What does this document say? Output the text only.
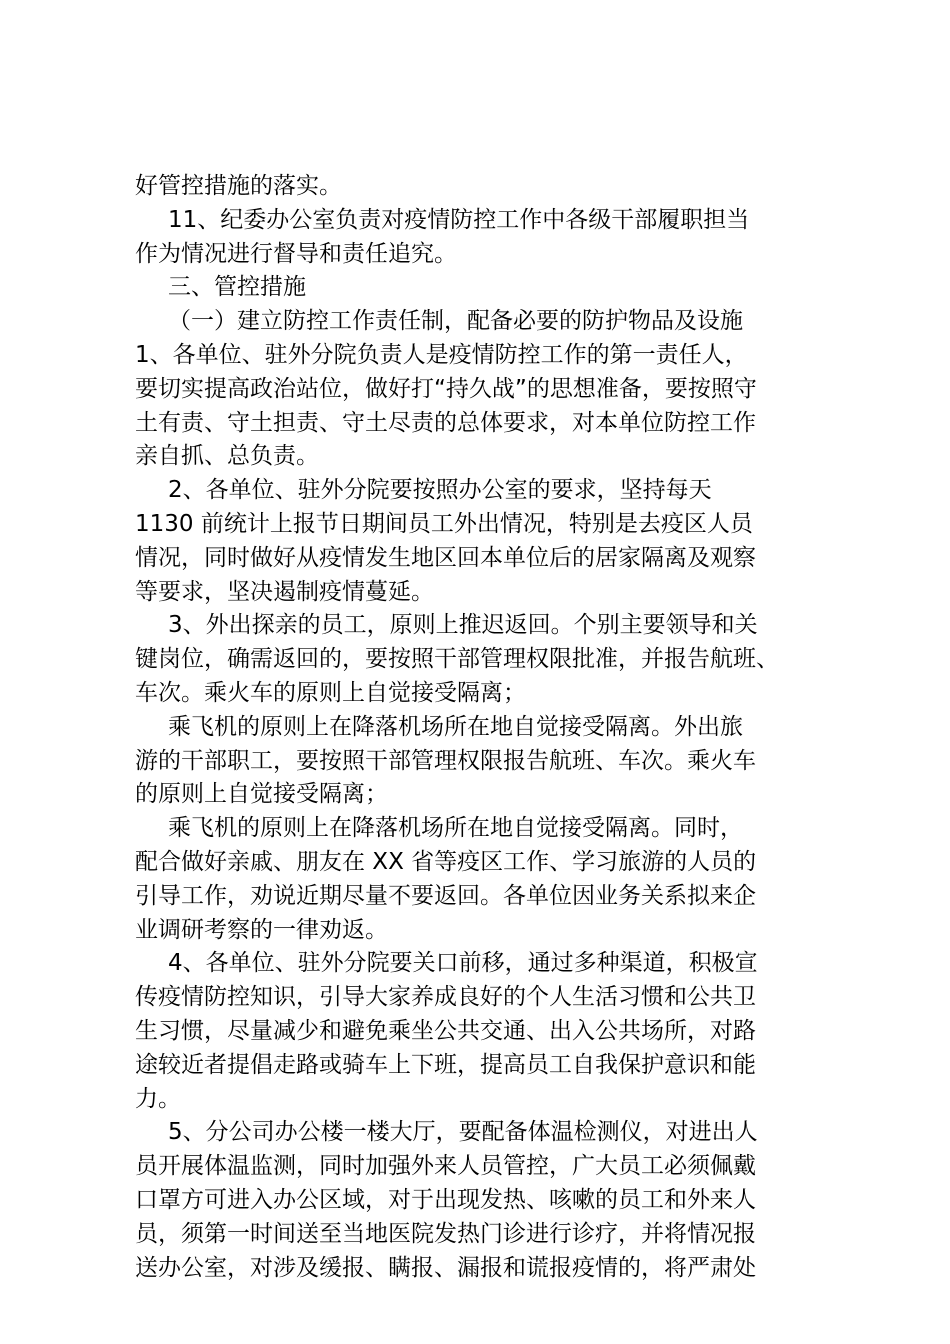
好管控措施的落实。
11、纪委办公室负责对疫情防控工作中各级干部履职担当
作为情况进行督导和责任追究。
三、管控措施
（一）建立防控工作责任制，配备必要的防护物品及设施
1、各单位、驻外分院负责人是疫情防控工作的第一责任人，
要切实提高政治站位，做好打“持久战”的思想准备，要按照守
土有责、守土担责、守土尽责的总体要求，对本单位防控工作
亲自抓、总负责。
2、各单位、驻外分院要按照办公室的要求，坚持每天
1130 前统计上报节日期间员工外出情况，特别是去疫区人员
情况，同时做好从疫情发生地区回本单位后的居家隔离及观察
等要求，坚决遏制疫情蔓延。
3、外出探亲的员工，原则上推迟返回。个别主要领导和关
键岗位，确需返回的，要按照干部管理权限批准，并报告航班、
车次。乘火车的原则上自觉接受隔离；
乘飞机的原则上在降落机场所在地自觉接受隔离。外出旅
游的干部职工，要按照干部管理权限报告航班、车次。乘火车
的原则上自觉接受隔离；
乘飞机的原则上在降落机场所在地自觉接受隔离。同时，
配合做好亲戚、朋友在 XX 省等疫区工作、学习旅游的人员的
引导工作，劝说近期尽量不要返回。各单位因业务关系拟来企
业调研考察的一律劝返。
4、各单位、驻外分院要关口前移，通过多种渠道，积极宣
传疫情防控知识，引导大家养成良好的个人生活习惯和公共卫
生习惯，尽量减少和避免乘坐公共交通、出入公共场所，对路
途较近者提倡走路或骑车上下班，提高员工自我保护意识和能
力。
5、分公司办公楼一楼大厅，要配备体温检测仪，对进出人
员开展体温监测，同时加强外来人员管控，广大员工必须佩戴
口罩方可进入办公区域，对于出现发热、咳嗽的员工和外来人
员，须第一时间送至当地医院发热门诊进行诊疗，并将情况报
送办公室，对涉及缓报、瞒报、漏报和谎报疫情的，将严肃处
